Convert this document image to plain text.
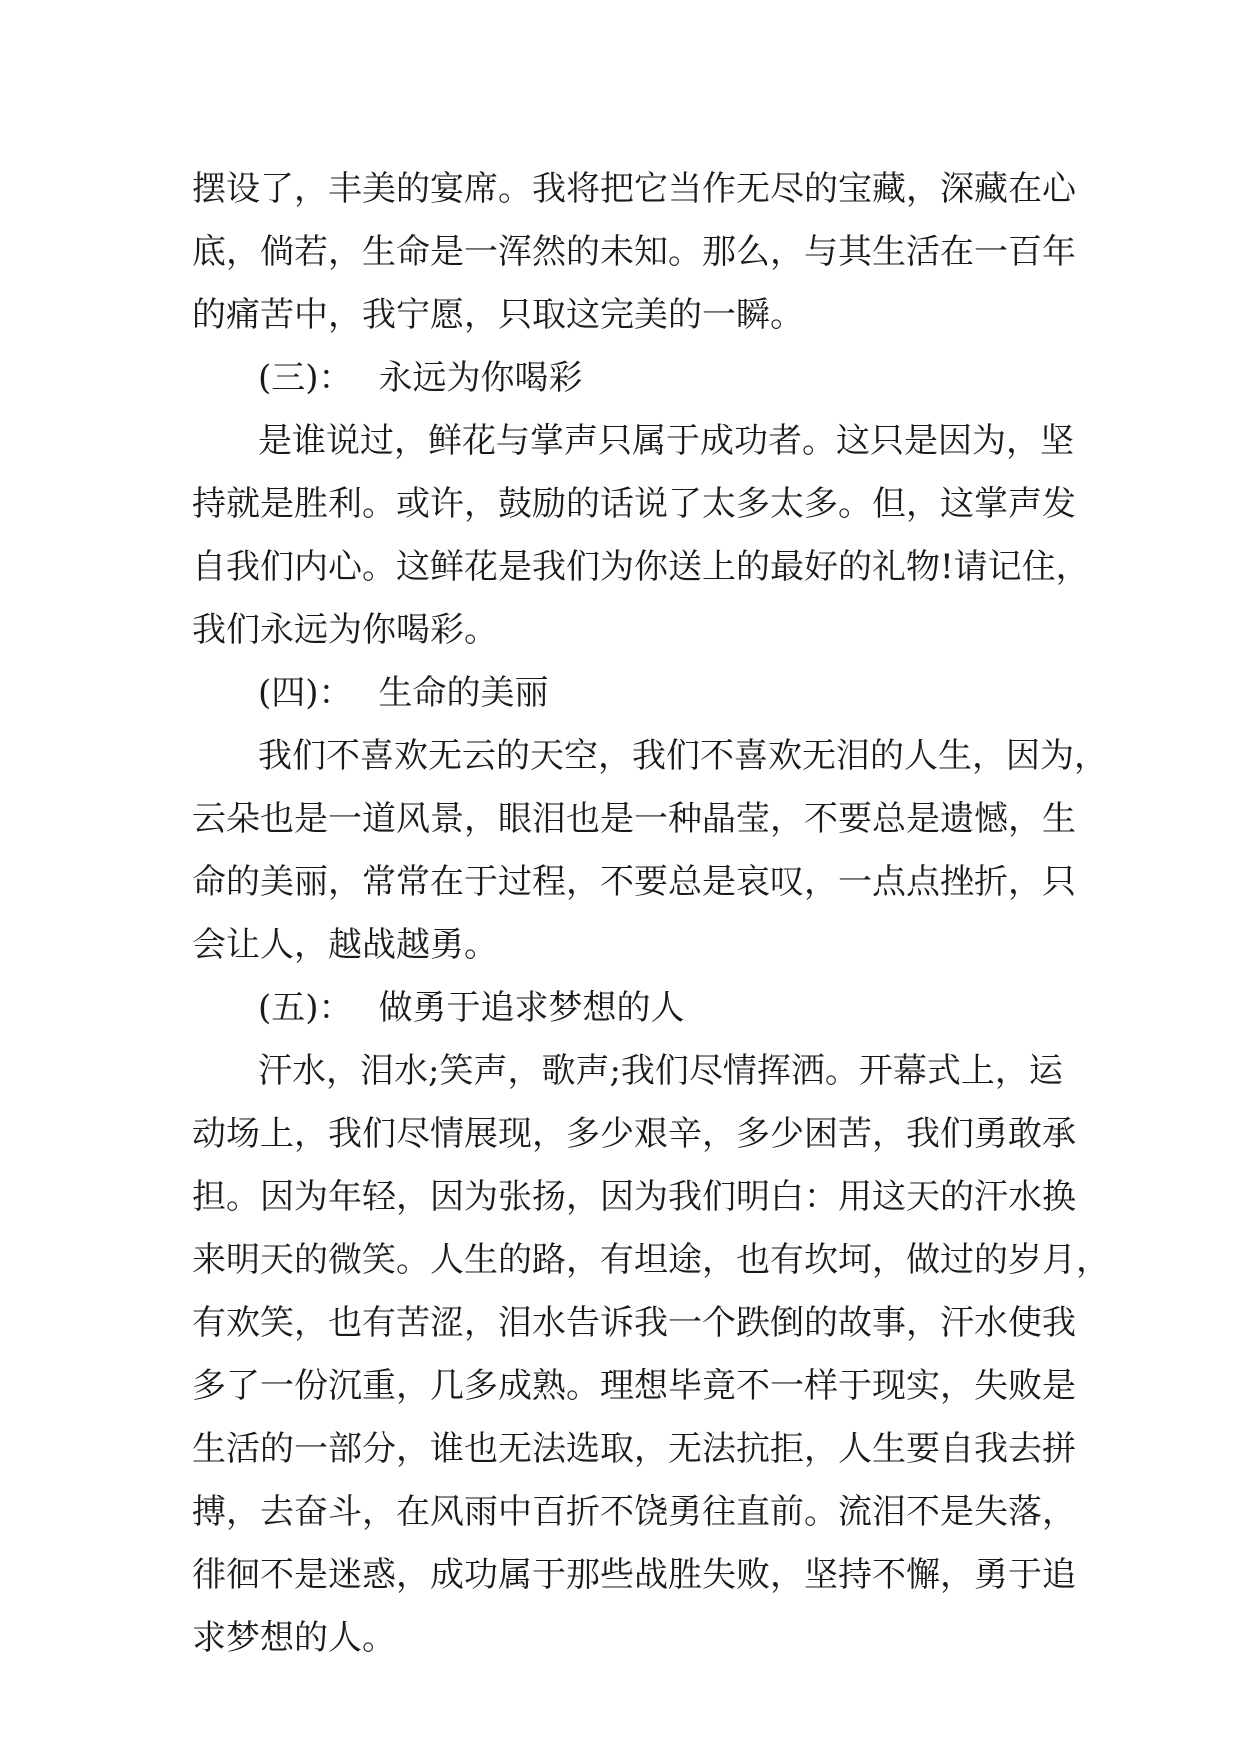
摆设了，丰美的宴席。我将把它当作无尽的宝藏，深藏在心
底，倘若，生命是一浑然的未知。那么，与其生活在一百年
的痛苦中，我宁愿，只取这完美的一瞬。
(三)： 永远为你喝彩
是谁说过，鲜花与掌声只属于成功者。这只是因为，坚
持就是胜利。或许，鼓励的话说了太多太多。但，这掌声发
自我们内心。这鲜花是我们为你送上的最好的礼物!请记住，
我们永远为你喝彩。
(四)： 生命的美丽
我们不喜欢无云的天空，我们不喜欢无泪的人生，因为，
云朵也是一道风景，眼泪也是一种晶莹，不要总是遗憾，生
命的美丽，常常在于过程，不要总是哀叹，一点点挫折，只
会让人，越战越勇。
(五)： 做勇于追求梦想的人
汗水，泪水;笑声，歌声;我们尽情挥洒。开幕式上，运
动场上，我们尽情展现，多少艰辛，多少困苦，我们勇敢承
担。因为年轻，因为张扬，因为我们明白：用这天的汗水换
来明天的微笑。人生的路，有坦途，也有坎坷，做过的岁月，
有欢笑，也有苦涩，泪水告诉我一个跌倒的故事，汗水使我
多了一份沉重，几多成熟。理想毕竟不一样于现实，失败是
生活的一部分，谁也无法选取，无法抗拒，人生要自我去拼
搏，去奋斗，在风雨中百折不饶勇往直前。流泪不是失落，
徘徊不是迷惑，成功属于那些战胜失败，坚持不懈，勇于追
求梦想的人。
